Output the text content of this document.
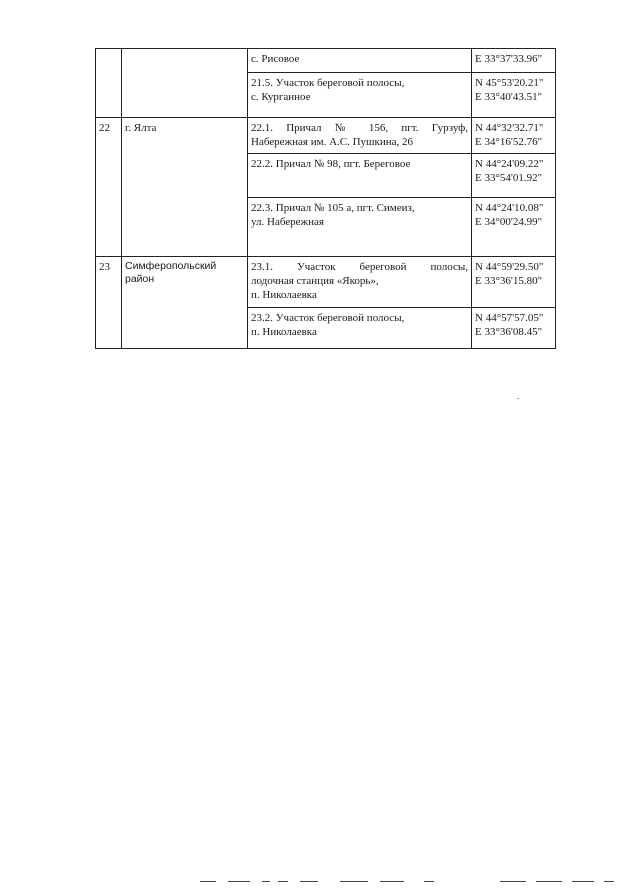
		с. Рисовое	E 33°37'33.96"

		21.5. Участок береговой полосы,
с. Курганное	N 45°53'20.21"
E 33°40'43.51"

22	г. Ялта	22.1. Причал № 156, пгт. Гурзуф,
Набережная им. А.С. Пушкина, 26	N 44°32'32.71"
E 34°16'52.76"

		22.2. Причал № 98, пгт. Береговое	N 44°24'09.22"
E 33°54'01.92"

		22.3. Причал № 105 а, пгт. Симеиз,
ул. Набережная	N 44°24'10.08"
E 34°00'24.99"

23	Симферопольский район	23.1. Участок береговой полосы,
лодочная станция «Якорь»,
п. Николаевка	N 44°59'29.50"
E 33°36'15.80"

		23.2. Участок береговой полосы,
п. Николаевка	N 44°57'57.05"
E 33°36'08.45"
